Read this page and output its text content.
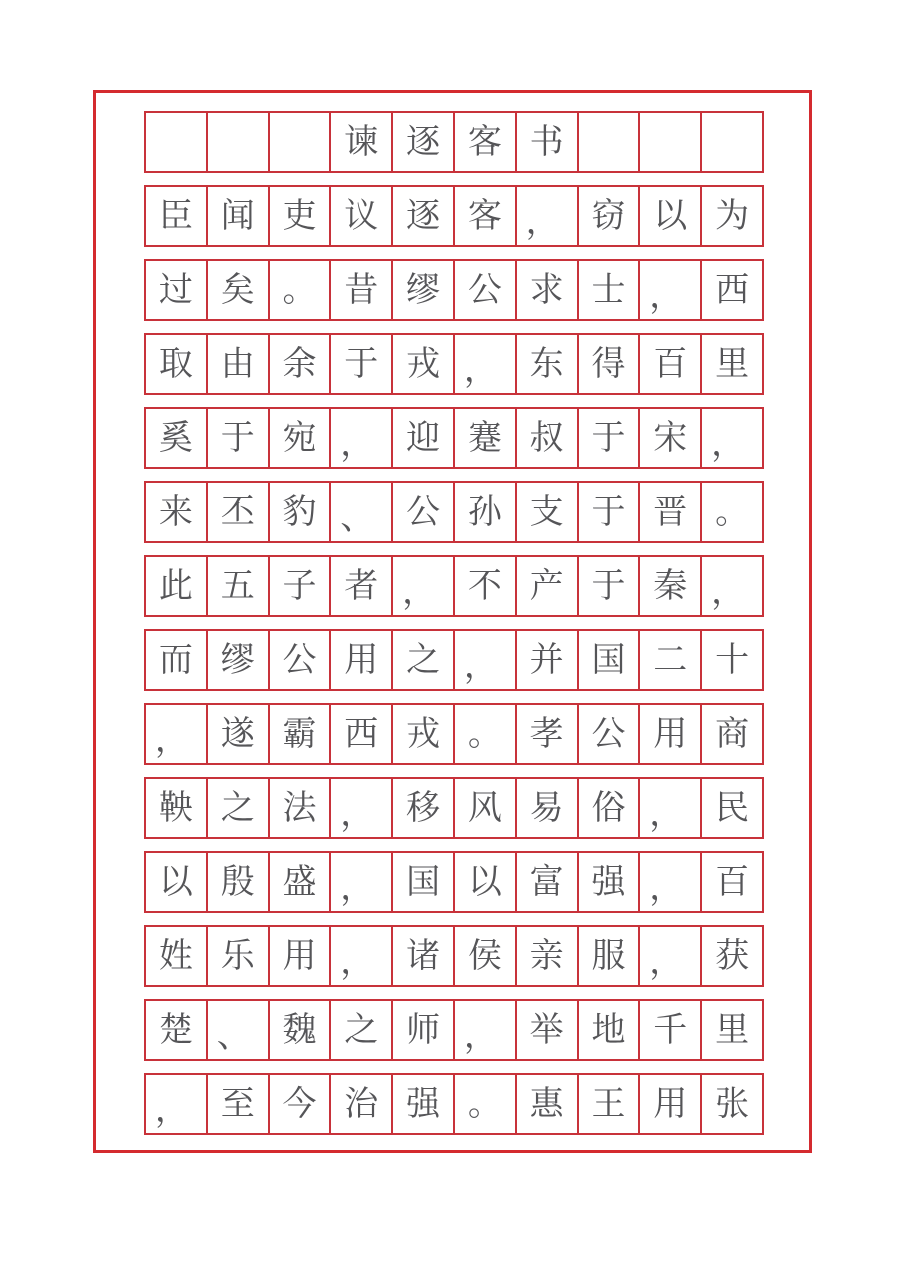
谏 逐 客 书
臣 闻 吏 议 逐 客 ， 窃 以 为
过 矣 。 昔 缪 公 求 士 ， 西
取 由 余 于 戎 ， 东 得 百 里
奚 于 宛 ， 迎 蹇 叔 于 宋 ，
来 丕 豹 、 公 孙 支 于 晋 。
此 五 子 者 ， 不 产 于 秦 ，
而 缪 公 用 之 ， 并 国 二 十
， 遂 霸 西 戎 。 孝 公 用 商
鞅 之 法 ， 移 风 易 俗 ， 民
以 殷 盛 ， 国 以 富 强 ， 百
姓 乐 用 ， 诸 侯 亲 服 ， 获
楚 、 魏 之 师 ， 举 地 千 里
， 至 今 治 强 。 惠 王 用 张
